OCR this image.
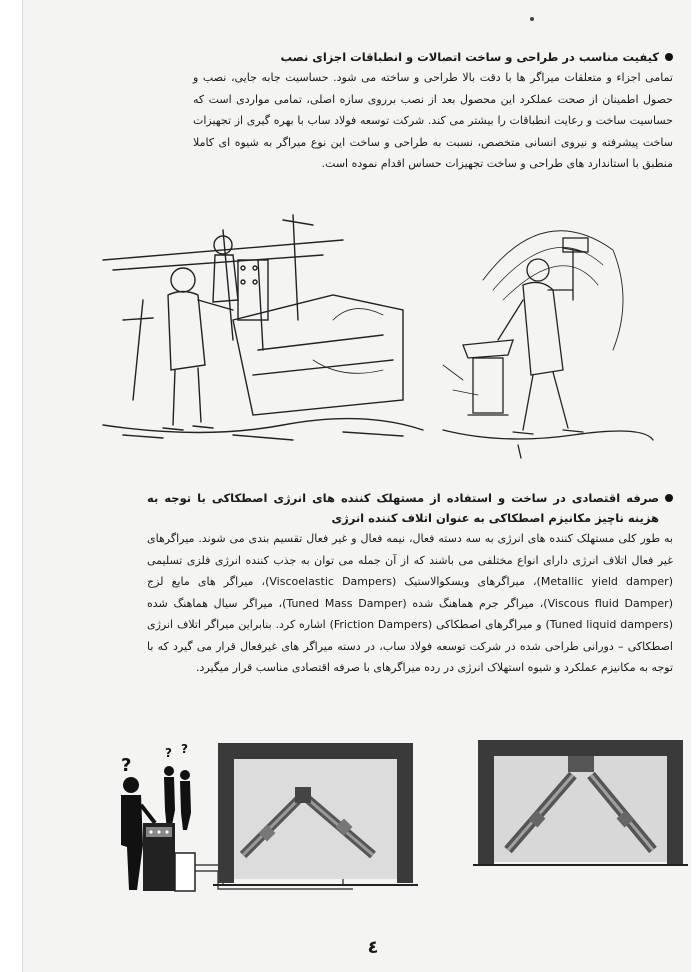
کیفیت مناسب در طراحی و ساخت اتصالات و انطباقات اجزای نصب

تمامی اجزاء و متعلقات میراگر ها با دقت بالا طراحی و ساخته می شود. حساسیت جابه جایی، نصب و حصول اطمینان از صحت عملکرد این محصول بعد از نصب برروی سازه اصلی، تمامی مواردی است که حساسیت ساخت و رعایت انطباقات را بیشتر می کند. شرکت توسعه فولاد ساب با بهره گیری از تجهیزات ساخت پیشرفته و نیروی انسانی متخصص، نسبت به طراحی و ساخت این نوع میراگر به شیوه ای کاملا منطبق با استاندارد های طراحی و ساخت تجهیزات حساس اقدام نموده است.

صرفه اقتصادی در ساخت و استفاده از مستهلک کننده های انرژی اصطکاکی با توجه به هزینه ناچیز مکانیزم اصطکاکی به عنوان اتلاف کننده انرژی

به طور کلی مستهلک کننده های انرژی به سه دسته فعال، نیمه فعال و غیر فعال تقسیم بندی می شوند. میراگرهای غیر فعال اتلاف انرژی دارای انواع مختلفی می باشند که از آن جمله می توان به جذب کننده انرژی فلزی تسلیمی (Metallic yield damper)، میراگرهای ویسکوالاستیک (Viscoelastic Dampers)، میراگر های مایع لزج (Viscous fluid Damper)، میراگر جرم هماهنگ شده (Tuned Mass Damper)، میراگر سیال هماهنگ شده (Tuned liquid dampers) و میراگرهای اصطکاکی (Friction Dampers) اشاره کرد. بنابراین میراگر اتلاف انرژی اصطکاکی – دورانی طراحی شده در شرکت توسعه فولاد ساب، در دسته میراگر های غیرفعال قرار می گیرد که با توجه به مکانیزم عملکرد و شیوه استهلاک انرژی در رده میراگرهای با صرفه اقتصادی مناسب قرار میگیرد.

?
? ?
٤
